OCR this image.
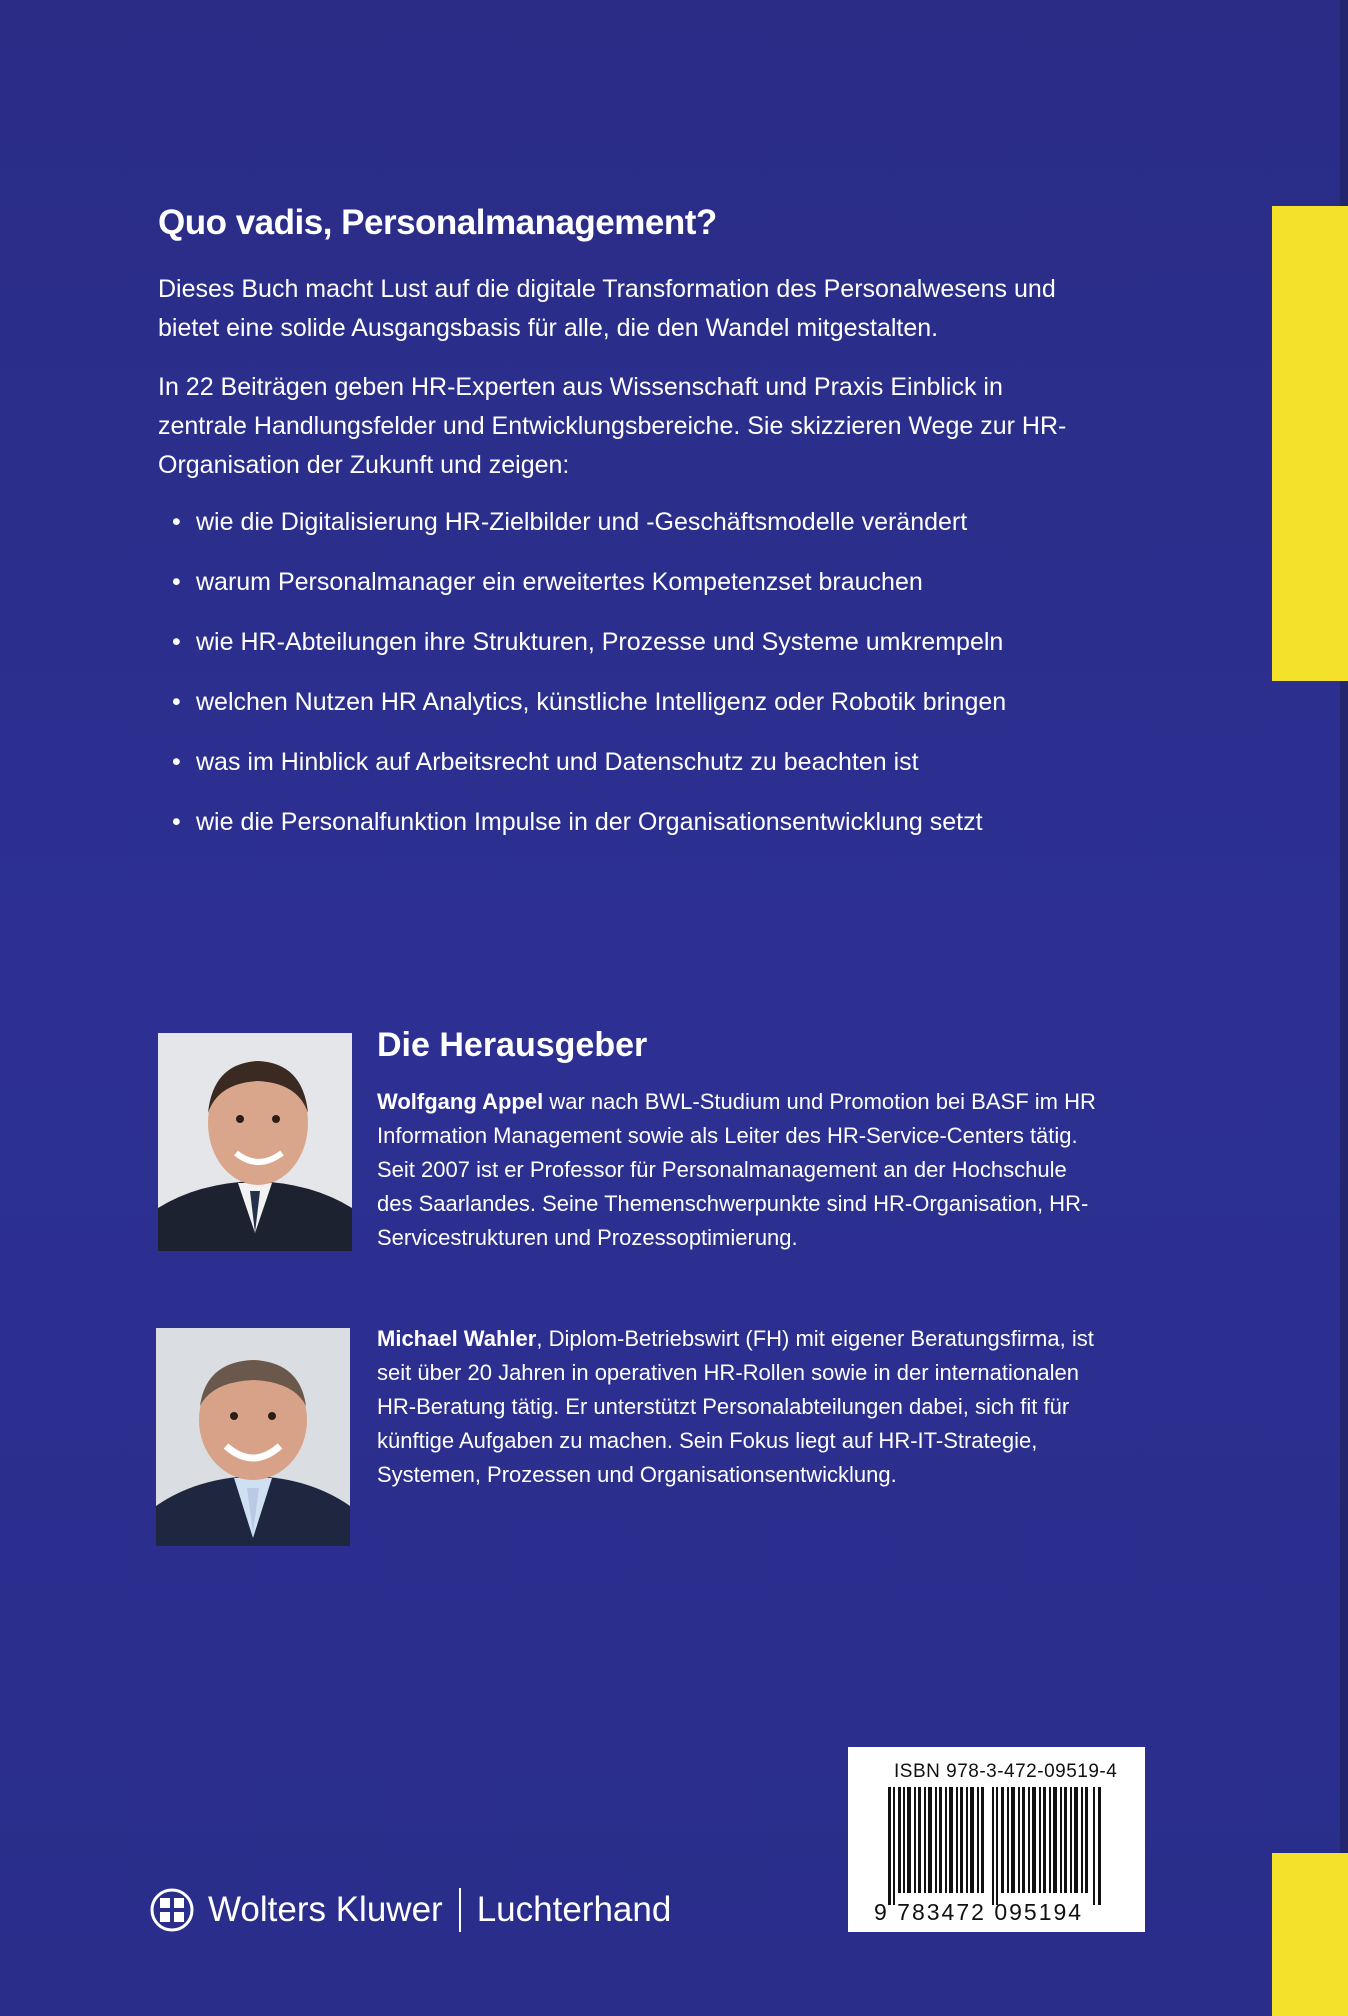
Quo vadis, Personalmanagement?
Dieses Buch macht Lust auf die digitale Transformation des Personalwesens und bietet eine solide Ausgangsbasis für alle, die den Wandel mitgestalten.
In 22 Beiträgen geben HR-Experten aus Wissenschaft und Praxis Einblick in zentrale Handlungsfelder und Entwicklungsbereiche. Sie skizzieren Wege zur HR-Organisation der Zukunft und zeigen:
• wie die Digitalisierung HR-Zielbilder und -Geschäftsmodelle verändert
• warum Personalmanager ein erweitertes Kompetenzset brauchen
• wie HR-Abteilungen ihre Strukturen, Prozesse und Systeme umkrempeln
• welchen Nutzen HR Analytics, künstliche Intelligenz oder Robotik bringen
• was im Hinblick auf Arbeitsrecht und Datenschutz zu beachten ist
• wie die Personalfunktion Impulse in der Organisationsentwicklung setzt
Die Herausgeber
Wolfgang Appel war nach BWL-Studium und Promotion bei BASF im HR Information Management sowie als Leiter des HR-Service-Centers tätig. Seit 2007 ist er Professor für Personalmanagement an der Hochschule des Saarlandes. Seine Themenschwerpunkte sind HR-Organisation, HR-Servicestrukturen und Prozessoptimierung.
Michael Wahler, Diplom-Betriebswirt (FH) mit eigener Beratungsfirma, ist seit über 20 Jahren in operativen HR-Rollen sowie in der internationalen HR-Beratung tätig. Er unterstützt Personalabteilungen dabei, sich fit für künftige Aufgaben zu machen. Sein Fokus liegt auf HR-IT-Strategie, Systemen, Prozessen und Organisationsentwicklung.
Wolters Kluwer Luchterhand
ISBN 978-3-472-09519-4
9 783472 095194
